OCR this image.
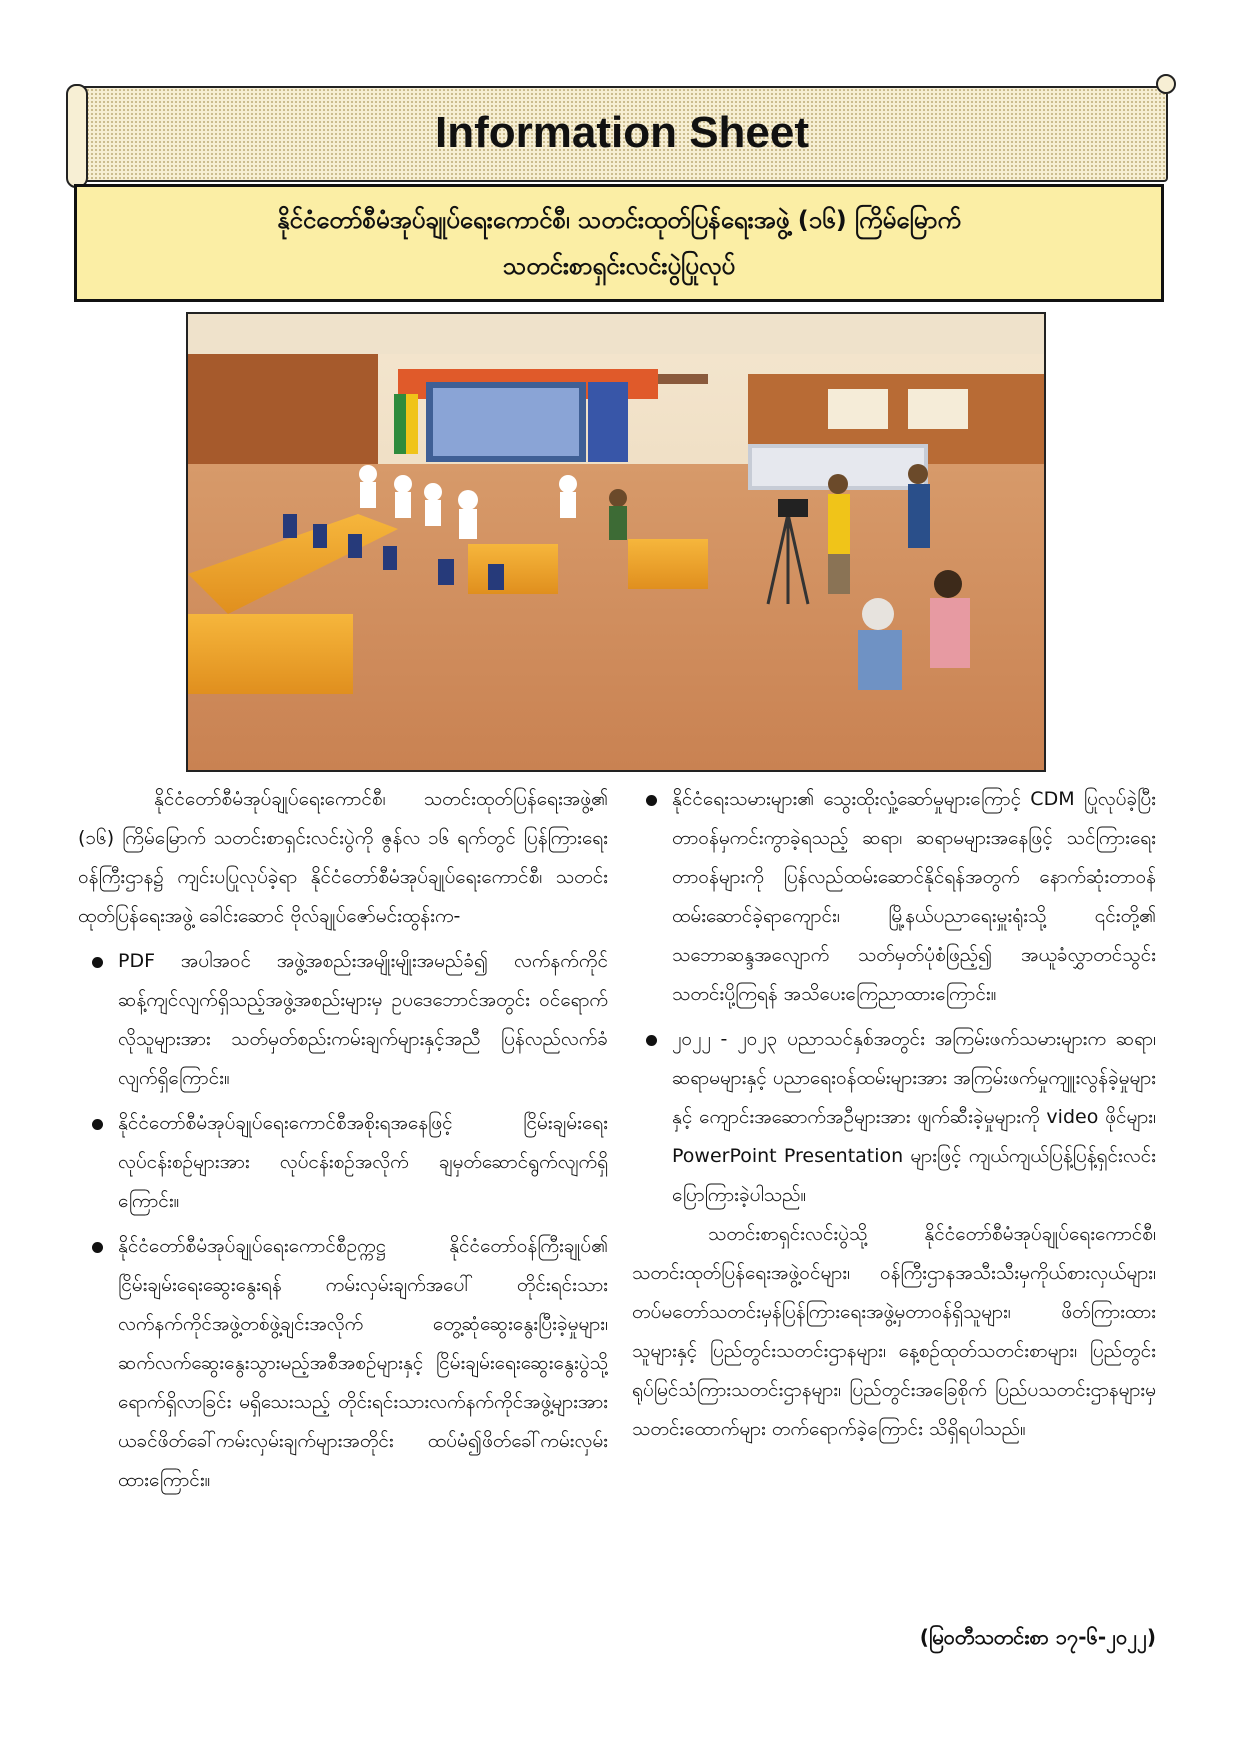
Information Sheet
နိုင်ငံတော်စီမံအုပ်ချုပ်ရေးကောင်စီ၊ သတင်းထုတ်ပြန်ရေးအဖွဲ့ (၁၆) ကြိမ်မြောက်
သတင်းစာရှင်းလင်းပွဲပြုလုပ်

နိုင်ငံတော်စီမံအုပ်ချုပ်ရေးကောင်စီ၊ သတင်းထုတ်ပြန်ရေးအဖွဲ့၏ (၁၆) ကြိမ်မြောက် သတင်းစာရှင်းလင်းပွဲကို ဇွန်လ ၁၆ ရက်တွင် ပြန်ကြားရေးဝန်ကြီးဌာန၌ ကျင်းပပြုလုပ်ခဲ့ရာ နိုင်ငံတော်စီမံအုပ်ချုပ်ရေးကောင်စီ၊ သတင်းထုတ်ပြန်ရေးအဖွဲ့ ခေါင်းဆောင် ဗိုလ်ချုပ်ဇော်မင်းထွန်းက-

PDF အပါအဝင် အဖွဲ့အစည်းအမျိုးမျိုးအမည်ခံ၍ လက်နက်ကိုင်ဆန့်ကျင်လျက်ရှိသည့်အဖွဲ့အစည်းများမှ ဥပဒေဘောင်အတွင်း ဝင်ရောက်လိုသူများအား သတ်မှတ်စည်းကမ်းချက်များနှင့်အညီ ပြန်လည်လက်ခံလျက်ရှိကြောင်း။

နိုင်ငံတော်စီမံအုပ်ချုပ်ရေးကောင်စီအစိုးရအနေဖြင့် ငြိမ်းချမ်းရေးလုပ်ငန်းစဉ်များအား လုပ်ငန်းစဉ်အလိုက် ချမှတ်ဆောင်ရွက်လျက်ရှိကြောင်း။

နိုင်ငံတော်စီမံအုပ်ချုပ်ရေးကောင်စီဥက္ကဋ္ဌ နိုင်ငံတော်ဝန်ကြီးချုပ်၏ ငြိမ်းချမ်းရေးဆွေးနွေးရန် ကမ်းလှမ်းချက်အပေါ် တိုင်းရင်းသားလက်နက်ကိုင်အဖွဲ့တစ်ဖွဲ့ချင်းအလိုက် တွေ့ဆုံဆွေးနွေးပြီးခဲ့မှုများ၊ ဆက်လက်ဆွေးနွေးသွားမည့်အစီအစဉ်များနှင့် ငြိမ်းချမ်းရေးဆွေးနွေးပွဲသို့ ရောက်ရှိလာခြင်း မရှိသေးသည့် တိုင်းရင်းသားလက်နက်ကိုင်အဖွဲ့များအား ယခင်ဖိတ်ခေါ်ကမ်းလှမ်းချက်များအတိုင်း ထပ်မံ၍ဖိတ်ခေါ်ကမ်းလှမ်းထားကြောင်း။

နိုင်ငံရေးသမားများ၏ သွေးထိုးလှုံ့ဆော်မှုများကြောင့် CDM ပြုလုပ်ခဲ့ပြီး တာဝန်မှကင်းကွာခဲ့ရသည့် ဆရာ၊ ဆရာမများအနေဖြင့် သင်ကြားရေးတာဝန်များကို ပြန်လည်ထမ်းဆောင်နိုင်ရန်အတွက် နောက်ဆုံးတာဝန်ထမ်းဆောင်ခဲ့ရာကျောင်း၊ မြို့နယ်ပညာရေးမှူးရုံးသို့ ၎င်းတို့၏ သဘောဆန္ဒအလျောက် သတ်မှတ်ပုံစံဖြည့်၍ အယူခံလွှာတင်သွင်းသတင်းပို့ကြရန် အသိပေးကြေညာထားကြောင်း။

၂၀၂၂ - ၂၀၂၃ ပညာသင်နှစ်အတွင်း အကြမ်းဖက်သမားများက ဆရာ၊ ဆရာမများနှင့် ပညာရေးဝန်ထမ်းများအား အကြမ်းဖက်မှုကျူးလွန်ခဲ့မှုများနှင့် ကျောင်းအဆောက်အဦများအား ဖျက်ဆီးခဲ့မှုများကို video ဖိုင်များ၊ PowerPoint Presentation များဖြင့် ကျယ်ကျယ်ပြန့်ပြန့်ရှင်းလင်းပြောကြားခဲ့ပါသည်။

သတင်းစာရှင်းလင်းပွဲသို့ နိုင်ငံတော်စီမံအုပ်ချုပ်ရေးကောင်စီ၊ သတင်းထုတ်ပြန်ရေးအဖွဲ့ဝင်များ၊ ဝန်ကြီးဌာနအသီးသီးမှကိုယ်စားလှယ်များ၊ တပ်မတော်သတင်းမှန်ပြန်ကြားရေးအဖွဲ့မှတာဝန်ရှိသူများ၊ ဖိတ်ကြားထားသူများနှင့် ပြည်တွင်းသတင်းဌာနများ၊ နေ့စဉ်ထုတ်သတင်းစာများ၊ ပြည်တွင်းရုပ်မြင်သံကြားသတင်းဌာနများ၊ ပြည်တွင်းအခြေစိုက် ပြည်ပသတင်းဌာနများမှ သတင်းထောက်များ တက်ရောက်ခဲ့ကြောင်း သိရှိရပါသည်။

(မြဝတီသတင်းစာ ၁၇-၆-၂၀၂၂)
